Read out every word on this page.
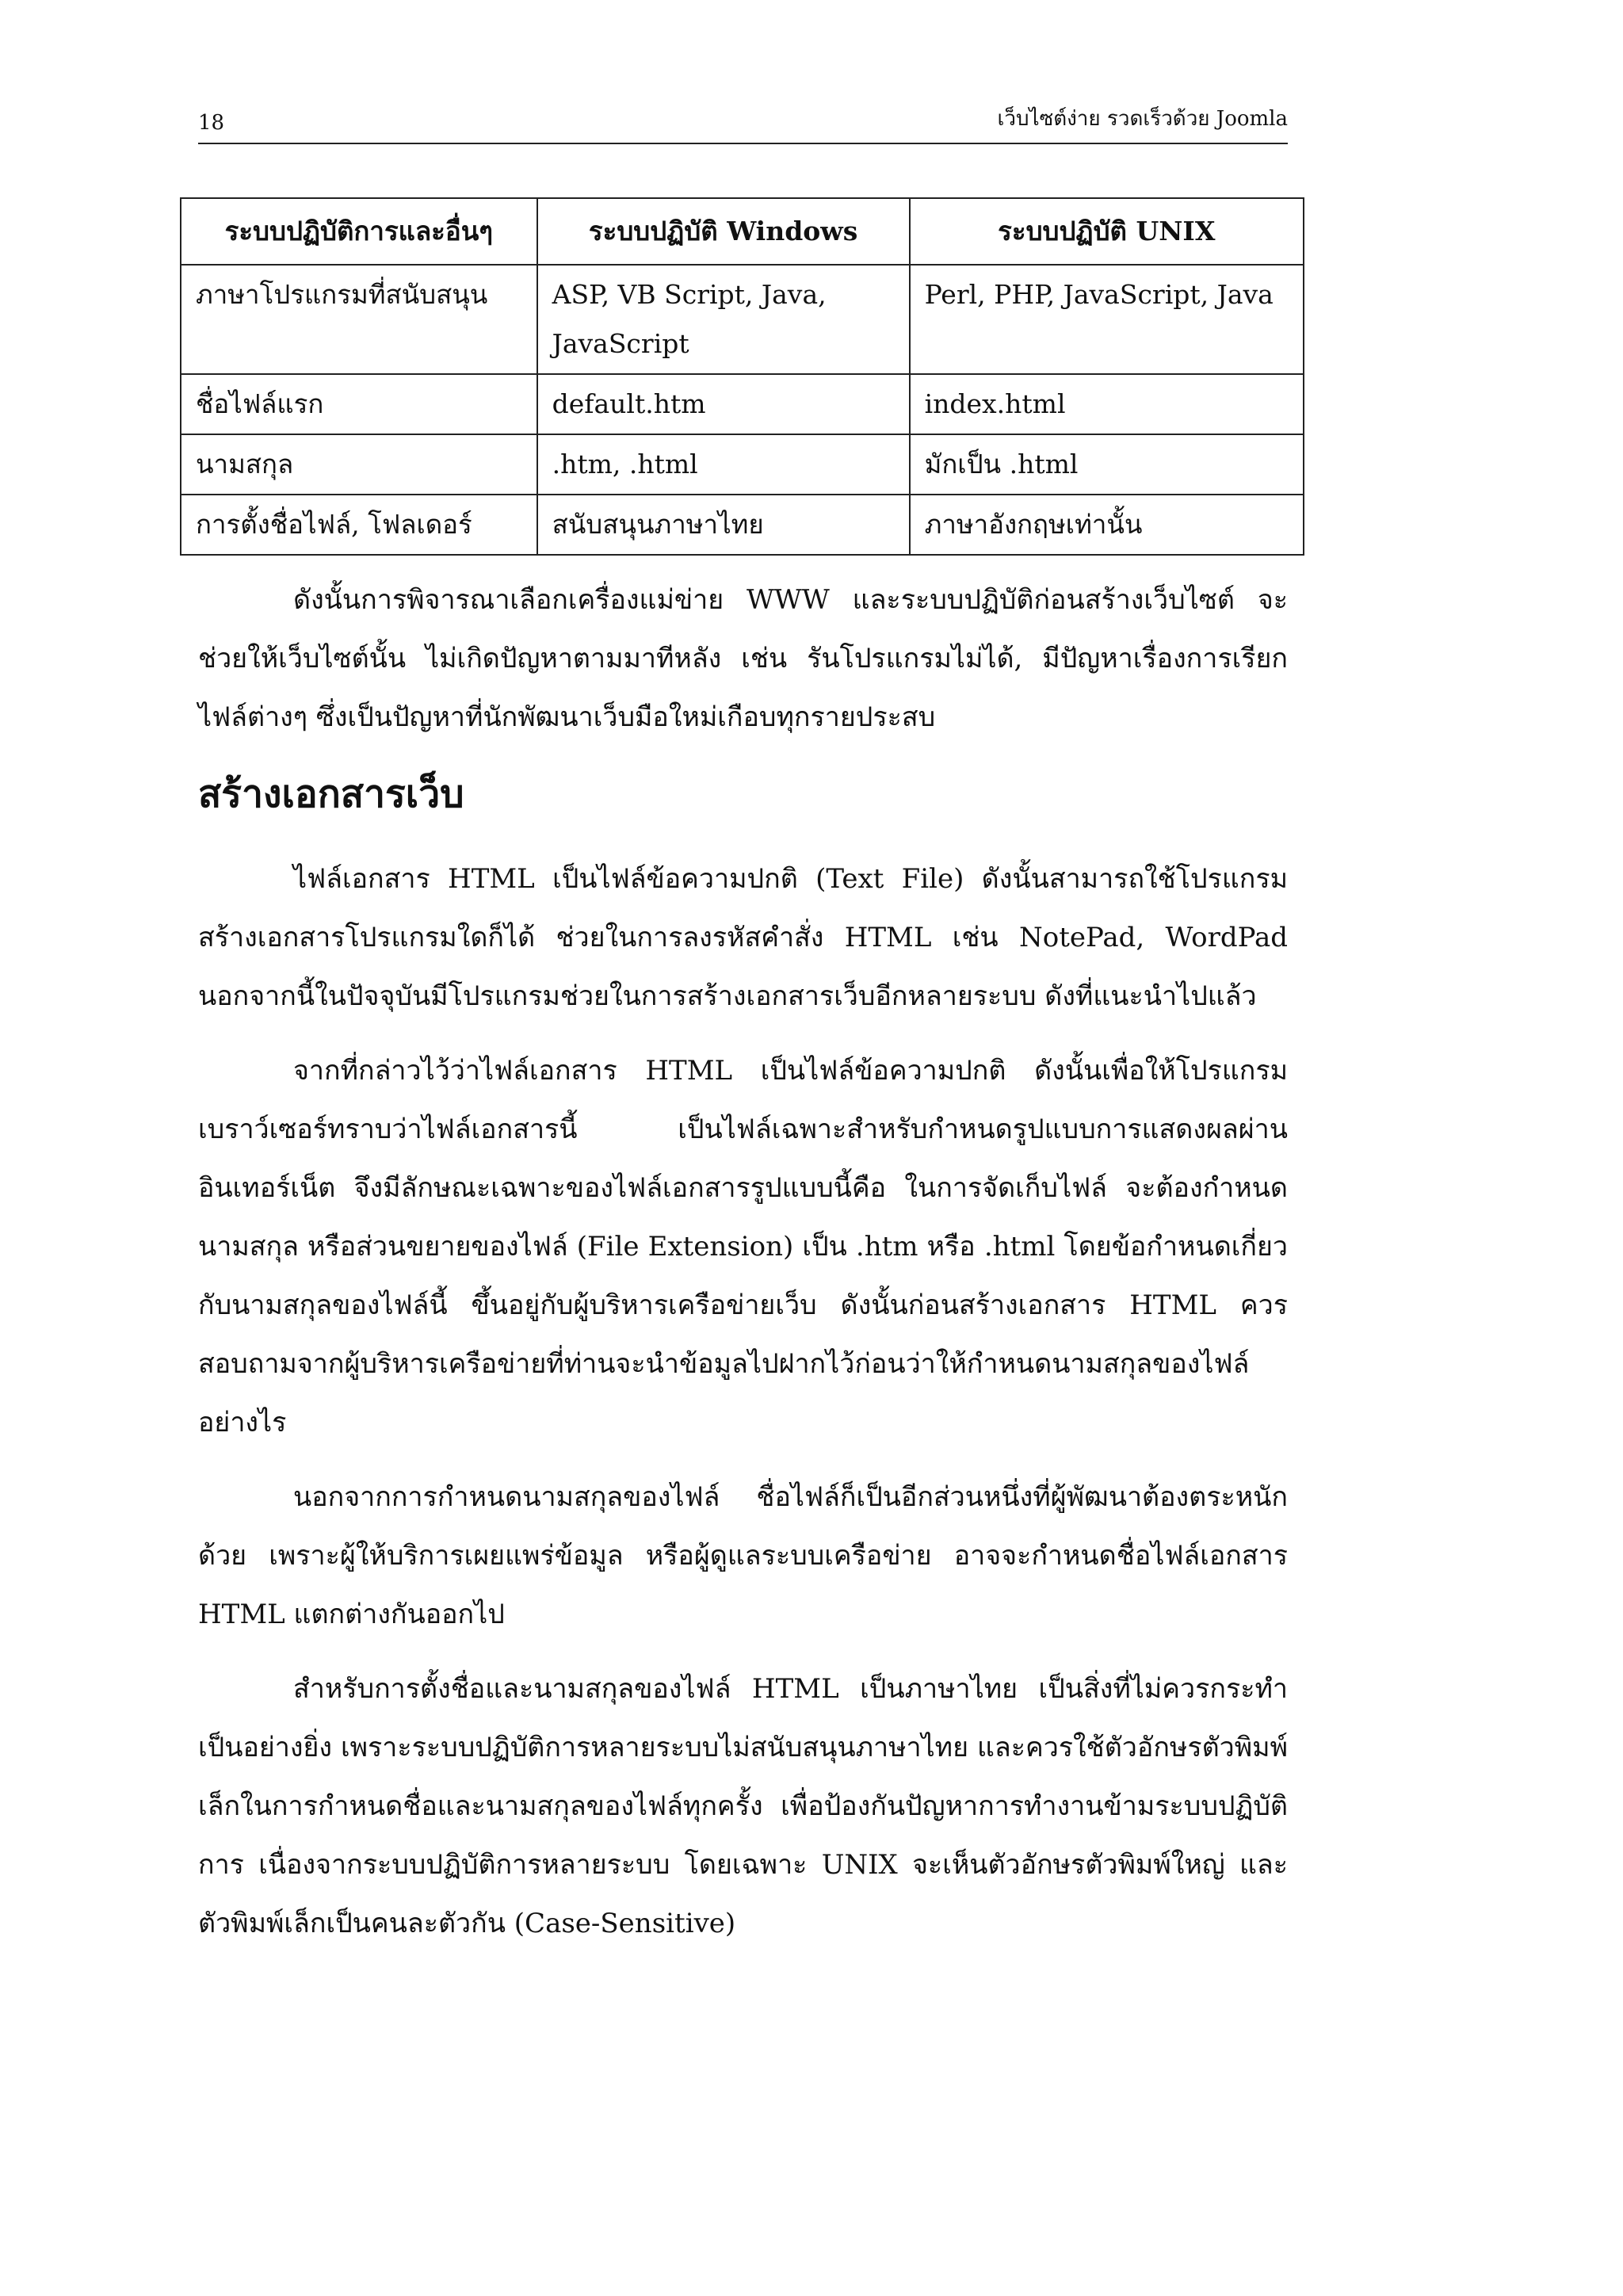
18	เว็บไซต์ง่าย รวดเร็วด้วย Joomla
ระบบปฏิบัติการและอื่นๆ	ระบบปฏิบัติ Windows	ระบบปฏิบัติ UNIX
ภาษาโปรแกรมที่สนับสนุน	ASP, VB Script, Java, JavaScript	Perl, PHP, JavaScript, Java
ชื่อไฟล์แรก	default.htm	index.html
นามสกุล	.htm, .html	มักเป็น .html
การตั้งชื่อไฟล์, โฟลเดอร์	สนับสนุนภาษาไทย	ภาษาอังกฤษเท่านั้น

ดังนั้นการพิจารณาเลือกเครื่องแม่ข่าย WWW และระบบปฏิบัติก่อนสร้างเว็บไซต์ จะช่วยให้เว็บไซต์นั้น ไม่เกิดปัญหาตามมาทีหลัง เช่น รันโปรแกรมไม่ได้, มีปัญหาเรื่องการเรียกไฟล์ต่างๆ ซึ่งเป็นปัญหาที่นักพัฒนาเว็บมือใหม่เกือบทุกรายประสบ

สร้างเอกสารเว็บ

ไฟล์เอกสาร HTML เป็นไฟล์ข้อความปกติ (Text File) ดังนั้นสามารถใช้โปรแกรมสร้างเอกสารโปรแกรมใดก็ได้ ช่วยในการลงรหัสคำสั่ง HTML เช่น NotePad, WordPad นอกจากนี้ในปัจจุบันมีโปรแกรมช่วยในการสร้างเอกสารเว็บอีกหลายระบบ ดังที่แนะนำไปแล้ว

จากที่กล่าวไว้ว่าไฟล์เอกสาร HTML เป็นไฟล์ข้อความปกติ ดังนั้นเพื่อให้โปรแกรมเบราว์เซอร์ทราบว่าไฟล์เอกสารนี้ เป็นไฟล์เฉพาะสำหรับกำหนดรูปแบบการแสดงผลผ่านอินเทอร์เน็ต จึงมีลักษณะเฉพาะของไฟล์เอกสารรูปแบบนี้คือ ในการจัดเก็บไฟล์ จะต้องกำหนดนามสกุล หรือส่วนขยายของไฟล์ (File Extension) เป็น .htm หรือ .html โดยข้อกำหนดเกี่ยวกับนามสกุลของไฟล์นี้ ขึ้นอยู่กับผู้บริหารเครือข่ายเว็บ ดังนั้นก่อนสร้างเอกสาร HTML ควรสอบถามจากผู้บริหารเครือข่ายที่ท่านจะนำข้อมูลไปฝากไว้ก่อนว่าให้กำหนดนามสกุลของไฟล์อย่างไร

นอกจากการกำหนดนามสกุลของไฟล์ ชื่อไฟล์ก็เป็นอีกส่วนหนึ่งที่ผู้พัฒนาต้องตระหนักด้วย เพราะผู้ให้บริการเผยแพร่ข้อมูล หรือผู้ดูแลระบบเครือข่าย อาจจะกำหนดชื่อไฟล์เอกสาร HTML แตกต่างกันออกไป

สำหรับการตั้งชื่อและนามสกุลของไฟล์ HTML เป็นภาษาไทย เป็นสิ่งที่ไม่ควรกระทำเป็นอย่างยิ่ง เพราะระบบปฏิบัติการหลายระบบไม่สนับสนุนภาษาไทย และควรใช้ตัวอักษรตัวพิมพ์เล็กในการกำหนดชื่อและนามสกุลของไฟล์ทุกครั้ง เพื่อป้องกันปัญหาการทำงานข้ามระบบปฏิบัติการ เนื่องจากระบบปฏิบัติการหลายระบบ โดยเฉพาะ UNIX จะเห็นตัวอักษรตัวพิมพ์ใหญ่ และตัวพิมพ์เล็กเป็นคนละตัวกัน (Case-Sensitive)
